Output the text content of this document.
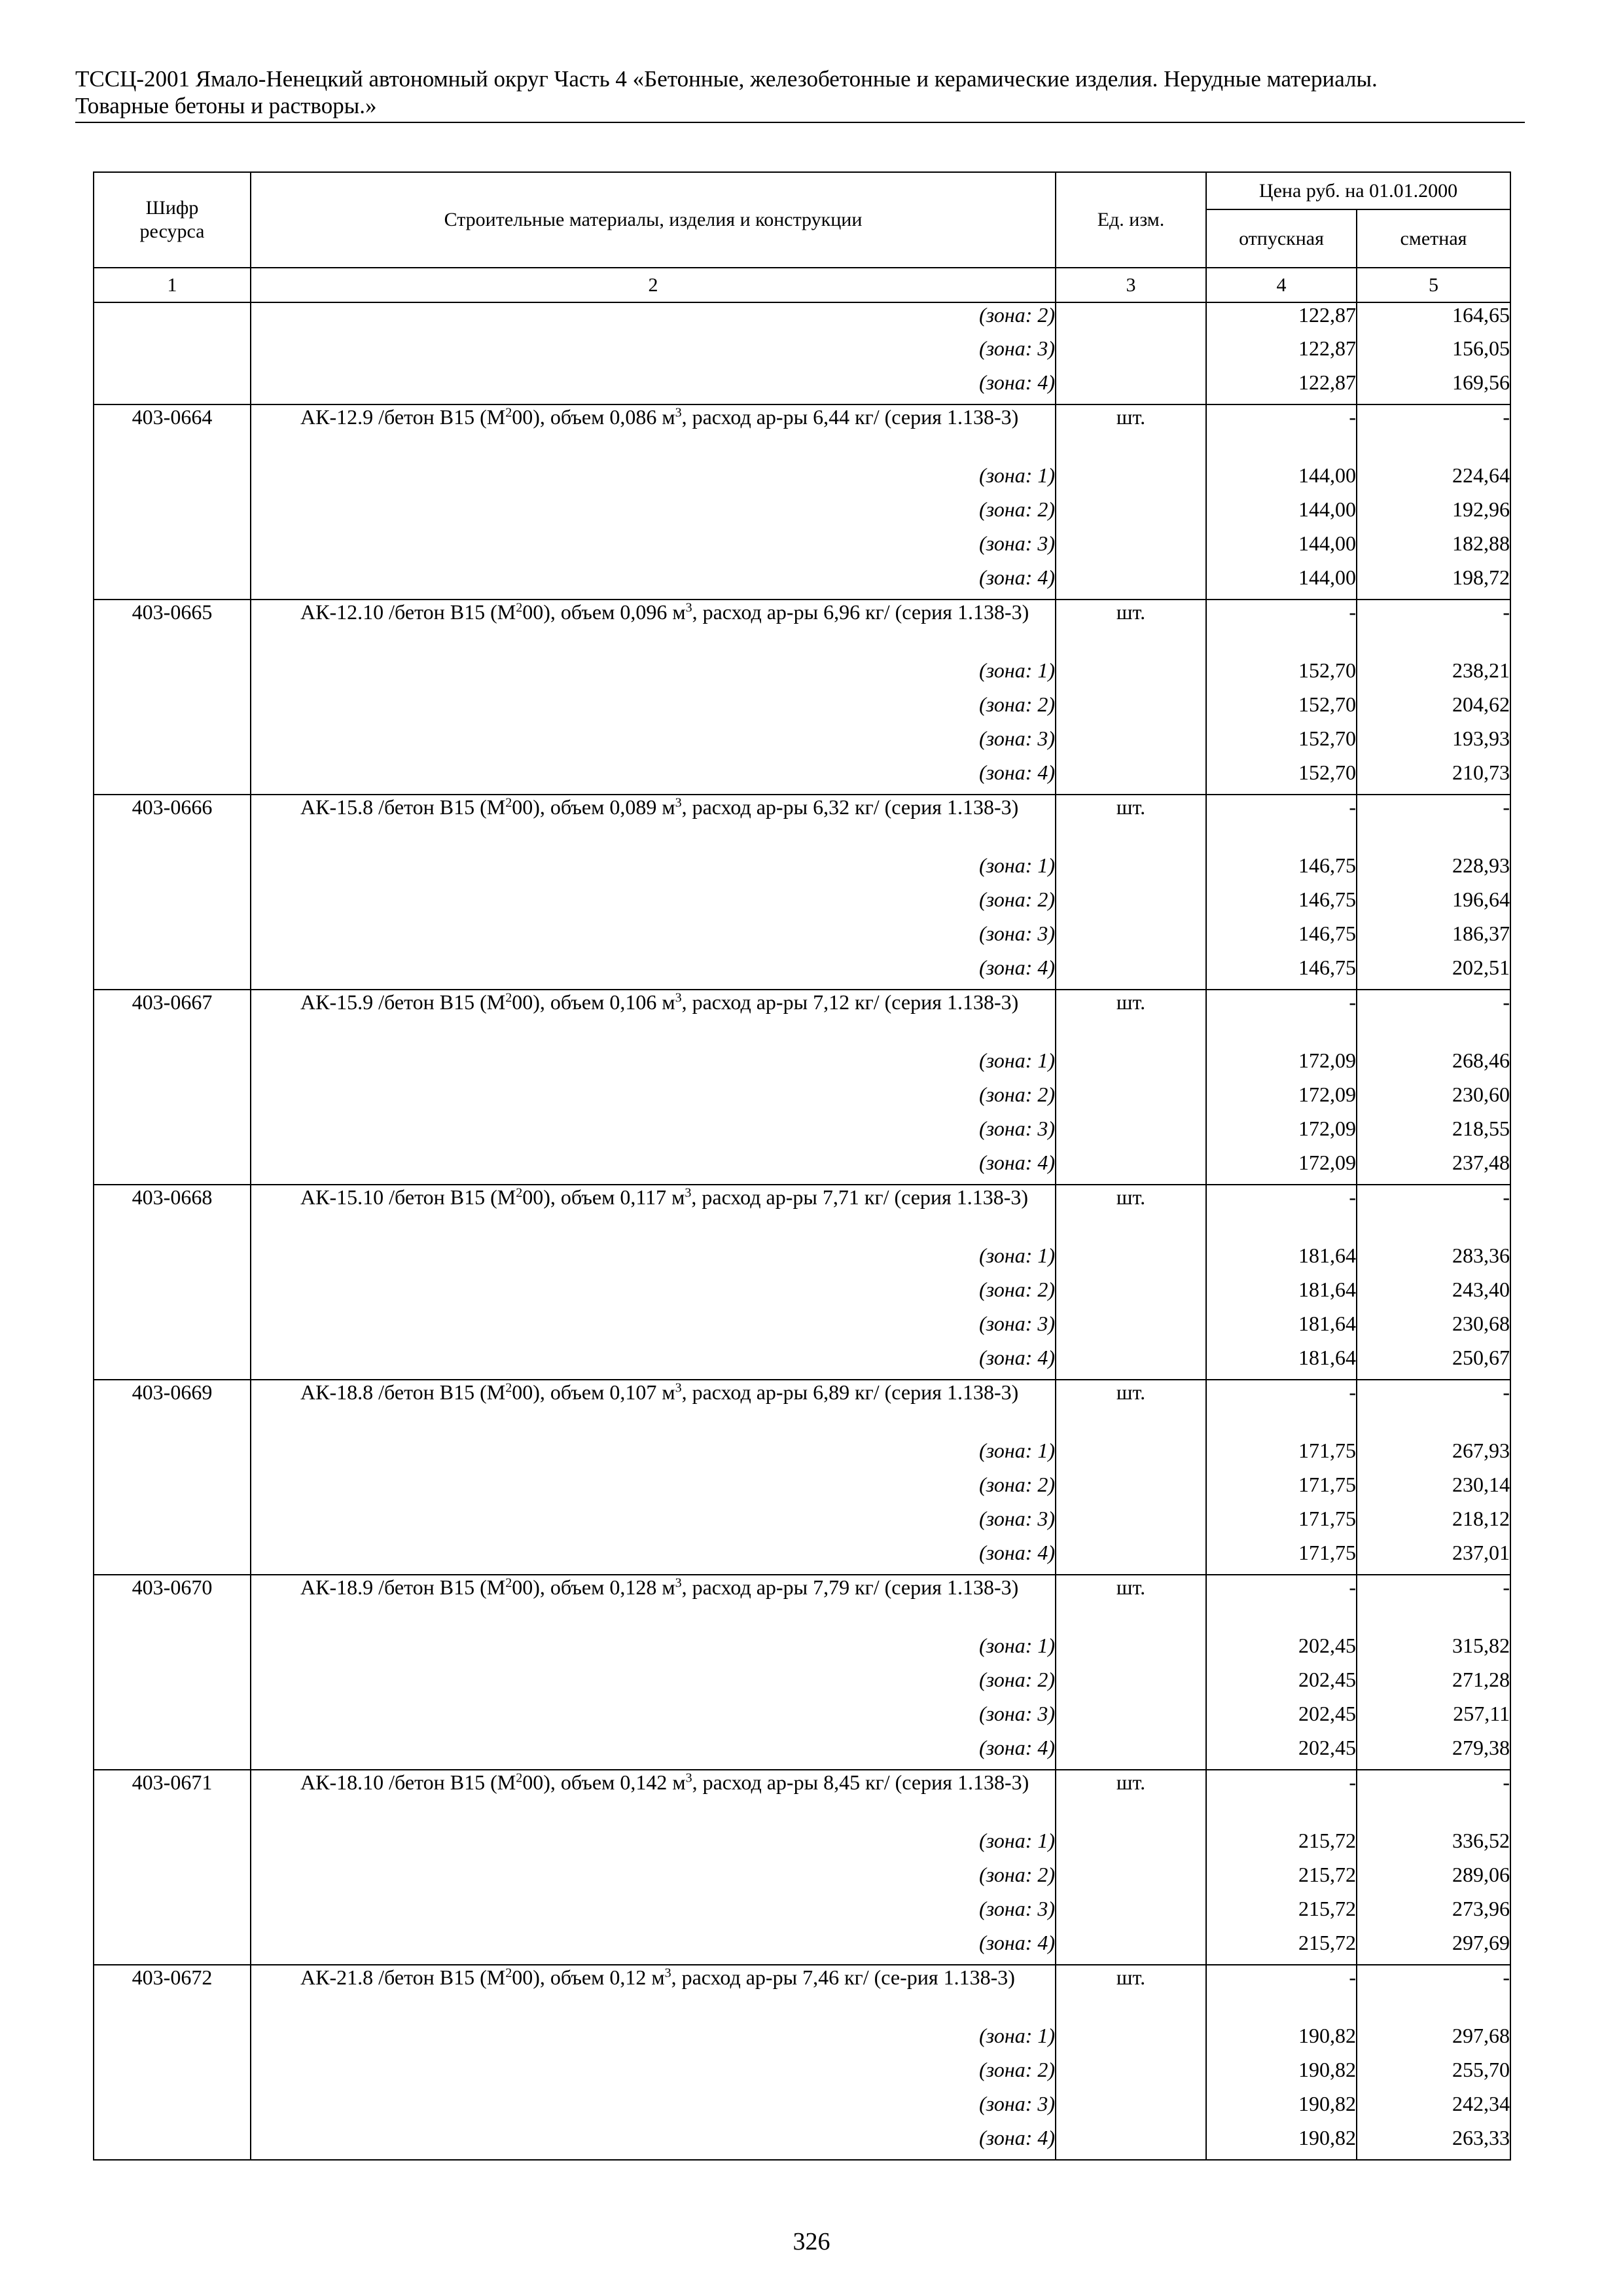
ТССЦ-2001 Ямало-Ненецкий автономный округ Часть 4 «Бетонные, железобетонные и керамические изделия. Нерудные материалы.
Товарные бетоны и растворы.»
Шифр ресурса	Строительные материалы, изделия и конструкции	Ед. изм.	Цена руб. на 01.01.2000	
			отпускная	сметная
1	2	3	4	5
	(зона: 2)		122,87	164,65
	(зона: 3)		122,87	156,05
	(зона: 4)		122,87	169,56
403-0664	АК-12.9 /бетон В15 $(М^200)$, объем 0,086 $м^3$, расход ар-ры 6,44 кг/ (серия 1.138-3)	шт.	-	-
	(зона: 1)		144,00	224,64
	(зона: 2)		144,00	192,96
	(зона: 3)		144,00	182,88
	(зона: 4)		144,00	198,72
403-0665	АК-12.10 /бетон В15 $(М^200)$, объем 0,096 $м^3$, расход ар-ры 6,96 кг/ (серия 1.138-3)	шт.	-	-
	(зона: 1)		152,70	238,21
	(зона: 2)		152,70	204,62
	(зона: 3)		152,70	193,93
	(зона: 4)		152,70	210,73
403-0666	АК-15.8 /бетон В15 $(М^200)$, объем 0,089 $м^3$, расход ар-ры 6,32 кг/ (серия 1.138-3)	шт.	-	-
	(зона: 1)		146,75	228,93
	(зона: 2)		146,75	196,64
	(зона: 3)		146,75	186,37
	(зона: 4)		146,75	202,51
403-0667	АК-15.9 /бетон В15 $(М^200)$, объем 0,106 $м^3$, расход ар-ры 7,12 кг/ (серия 1.138-3)	шт.	-	-
	(зона: 1)		172,09	268,46
	(зона: 2)		172,09	230,60
	(зона: 3)		172,09	218,55
	(зона: 4)		172,09	237,48
403-0668	АК-15.10 /бетон В15 $(М^200)$, объем 0,117 $м^3$, расход ар-ры 7,71 кг/ (серия 1.138-3)	шт.	-	-
	(зона: 1)		181,64	283,36
	(зона: 2)		181,64	243,40
	(зона: 3)		181,64	230,68
	(зона: 4)		181,64	250,67
403-0669	АК-18.8 /бетон В15 $(М^200)$, объем 0,107 $м^3$, расход ар-ры 6,89 кг/ (серия 1.138-3)	шт.	-	-
	(зона: 1)		171,75	267,93
	(зона: 2)		171,75	230,14
	(зона: 3)		171,75	218,12
	(зона: 4)		171,75	237,01
403-0670	АК-18.9 /бетон В15 $(М^200)$, объем 0,128 $м^3$, расход ар-ры 7,79 кг/ (серия 1.138-3)	шт.	-	-
	(зона: 1)		202,45	315,82
	(зона: 2)		202,45	271,28
	(зона: 3)		202,45	257,11
	(зона: 4)		202,45	279,38
403-0671	АК-18.10 /бетон В15 $(М^200)$, объем 0,142 $м^3$, расход ар-ры 8,45 кг/ (серия 1.138-3)	шт.	-	-
	(зона: 1)		215,72	336,52
	(зона: 2)		215,72	289,06
	(зона: 3)		215,72	273,96
	(зона: 4)		215,72	297,69
403-0672	АК-21.8 /бетон В15 $(М^200)$, объем 0,12 $м^3$, расход ар-ры 7,46 кг/ (се-рия 1.138-3)	шт.	-	-
	(зона: 1)		190,82	297,68
	(зона: 2)		190,82	255,70
	(зона: 3)		190,82	242,34
	(зона: 4)		190,82	263,33
326
